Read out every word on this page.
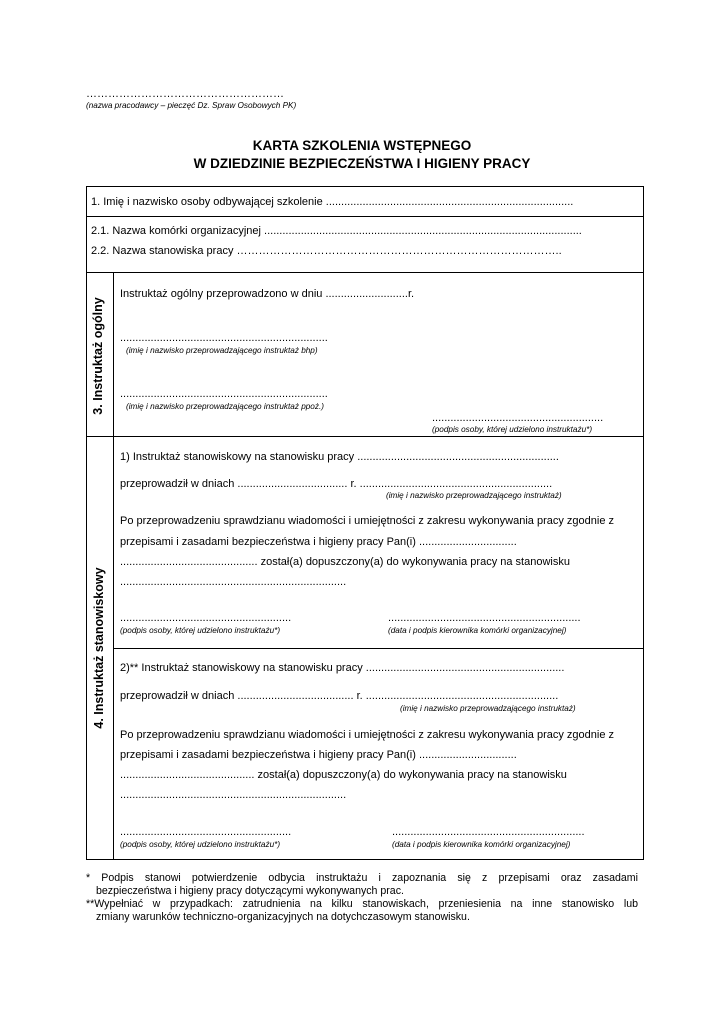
………………………………………………
(nazwa pracodawcy – pieczęć Dz. Spraw Osobowych PK)
KARTA SZKOLENIA WSTĘPNEGO
W DZIEDZINIE BEZPIECZEŃSTWA I HIGIENY PRACY
1. Imię i nazwisko osoby odbywającej szkolenie .................................................................................
2.1. Nazwa komórki organizacyjnej ........................................................................................................
2.2. Nazwa stanowiska pracy ……………………………………………………………………………..
3. Instruktaż ogólny
Instruktaż ogólny przeprowadzono w dniu ...........................r.
....................................................................
(imię i nazwisko przeprowadzającego instruktaż bhp)
....................................................................
(imię i nazwisko przeprowadzającego instruktaż ppoż.)
........................................................
(podpis osoby, której udzielono instruktażu*)
4. Instruktaż stanowiskowy
1) Instruktaż stanowiskowy na stanowisku pracy ..................................................................
przeprowadził w dniach .................................... r. ...............................................................
(imię i nazwisko przeprowadzającego instruktaż)
Po przeprowadzeniu sprawdzianu wiadomości i umiejętności z zakresu wykonywania pracy zgodnie z
przepisami i zasadami bezpieczeństwa i higieny pracy Pan(i) ................................
............................................. został(a) dopuszczony(a) do wykonywania pracy na stanowisku
..........................................................................
........................................................	...............................................................
(podpis osoby, której udzielono instruktażu*)	(data i podpis kierownika komórki organizacyjnej)
2)** Instruktaż stanowiskowy na stanowisku pracy .................................................................
przeprowadził w dniach ...................................... r. ...............................................................
(imię i nazwisko przeprowadzającego instruktaż)
Po przeprowadzeniu sprawdzianu wiadomości i umiejętności z zakresu wykonywania pracy zgodnie z
przepisami i zasadami bezpieczeństwa i higieny pracy Pan(i) ................................
............................................ został(a) dopuszczony(a) do wykonywania pracy na stanowisku
..........................................................................
........................................................	...............................................................
(podpis osoby, której udzielono instruktażu*)	(data i podpis kierownika komórki organizacyjnej)
* Podpis stanowi potwierdzenie odbycia instruktażu i zapoznania się z przepisami oraz zasadami
bezpieczeństwa i higieny pracy dotyczącymi wykonywanych prac.
**Wypełniać w przypadkach: zatrudnienia na kilku stanowiskach, przeniesienia na inne stanowisko lub
zmiany warunków techniczno-organizacyjnych na dotychczasowym stanowisku.
